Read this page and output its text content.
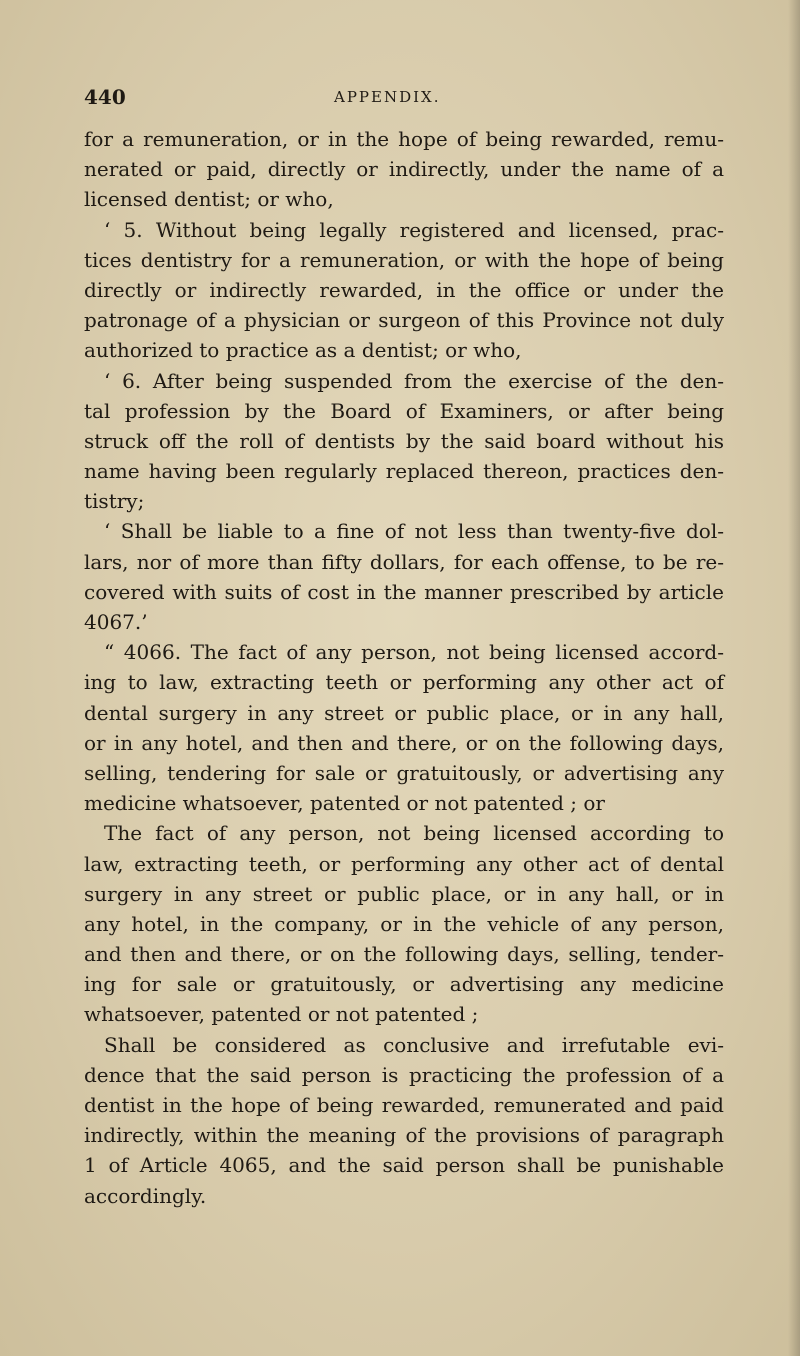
440	APPENDIX.
for a remuneration, or in the hope of being rewarded, remu-
nerated or paid, directly or indirectly, under the name of a
licensed dentist; or who,
‘ 5. Without being legally registered and licensed, prac-
tices dentistry for a remuneration, or with the hope of being
directly or indirectly rewarded, in the office or under the
patronage of a physician or surgeon of this Province not duly
authorized to practice as a dentist; or who,
‘ 6. After being suspended from the exercise of the den-
tal profession by the Board of Examiners, or after being
struck off the roll of dentists by the said board without his
name having been regularly replaced thereon, practices den-
tistry;
‘ Shall be liable to a fine of not less than twenty-five dol-
lars, nor of more than fifty dollars, for each offense, to be re-
covered with suits of cost in the manner prescribed by article
4067.’
“ 4066. The fact of any person, not being licensed accord-
ing to law, extracting teeth or performing any other act of
dental surgery in any street or public place, or in any hall,
or in any hotel, and then and there, or on the following days,
selling, tendering for sale or gratuitously, or advertising any
medicine whatsoever, patented or not patented ; or
The fact of any person, not being licensed according to
law, extracting teeth, or performing any other act of dental
surgery in any street or public place, or in any hall, or in
any hotel, in the company, or in the vehicle of any person,
and then and there, or on the following days, selling, tender-
ing for sale or gratuitously, or advertising any medicine
whatsoever, patented or not patented ;
Shall be considered as conclusive and irrefutable evi-
dence that the said person is practicing the profession of a
dentist in the hope of being rewarded, remunerated and paid
indirectly, within the meaning of the provisions of paragraph
1 of Article 4065, and the said person shall be punishable
accordingly.
